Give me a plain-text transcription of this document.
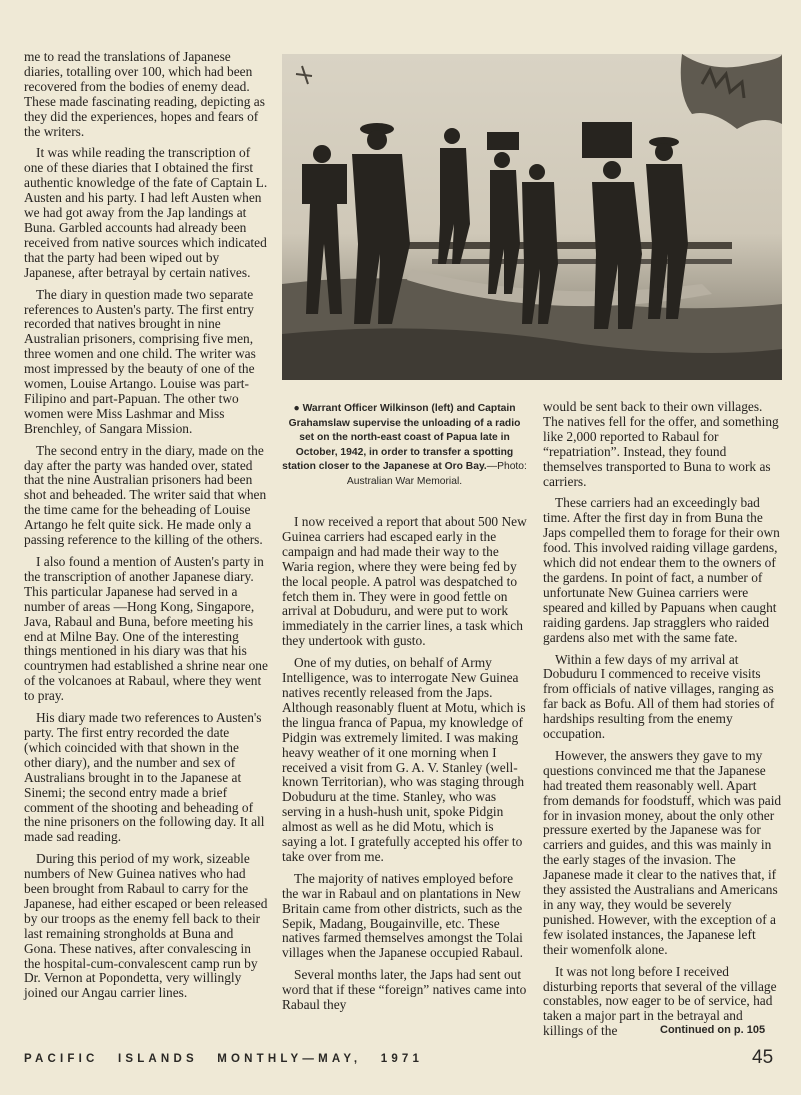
me to read the translations of Japanese diaries, totalling over 100, which had been recovered from the bodies of enemy dead. These made fascinating reading, depicting as they did the experiences, hopes and fears of the writers.

It was while reading the transcription of one of these diaries that I obtained the first authentic knowledge of the fate of Captain L. Austen and his party. I had left Austen when we had got away from the Jap landings at Buna. Garbled accounts had already been received from native sources which indicated that the party had been wiped out by Japanese, after betrayal by certain natives.

The diary in question made two separate references to Austen's party. The first entry recorded that natives brought in nine Australian prisoners, comprising five men, three women and one child. The writer was most impressed by the beauty of one of the women, Louise Artango. Louise was part-Filipino and part-Papuan. The other two women were Miss Lashmar and Miss Brenchley, of Sangara Mission.

The second entry in the diary, made on the day after the party was handed over, stated that the nine Australian prisoners had been shot and beheaded. The writer said that when the time came for the beheading of Louise Artango he felt quite sick. He made only a passing reference to the killing of the others.

I also found a mention of Austen's party in the transcription of another Japanese diary. This particular Japanese had served in a number of areas —Hong Kong, Singapore, Java, Rabaul and Buna, before meeting his end at Milne Bay. One of the interesting things mentioned in his diary was that his countrymen had established a shrine near one of the volcanoes at Rabaul, where they went to pray.

His diary made two references to Austen's party. The first entry recorded the date (which coincided with that shown in the other diary), and the number and sex of Australians brought in to the Japanese at Sinemi; the second entry made a brief comment of the shooting and beheading of the nine prisoners on the following day. It all made sad reading.

During this period of my work, sizeable numbers of New Guinea natives who had been brought from Rabaul to carry for the Japanese, had either escaped or been released by our troops as the enemy fell back to their last remaining strongholds at Buna and Gona. These natives, after convalescing in the hospital-cum-convalescent camp run by Dr. Vernon at Popondetta, very willingly joined our Angau carrier lines.

● Warrant Officer Wilkinson (left) and Captain Grahamslaw supervise the unloading of a radio set on the north-east coast of Papua late in October, 1942, in order to transfer a spotting station closer to the Japanese at Oro Bay.—Photo: Australian War Memorial.

I now received a report that about 500 New Guinea carriers had escaped early in the campaign and had made their way to the Waria region, where they were being fed by the local people. A patrol was despatched to fetch them in. They were in good fettle on arrival at Dobuduru, and were put to work immediately in the carrier lines, a task which they undertook with gusto.

One of my duties, on behalf of Army Intelligence, was to interrogate New Guinea natives recently released from the Japs. Although reasonably fluent at Motu, which is the lingua franca of Papua, my knowledge of Pidgin was extremely limited. I was making heavy weather of it one morning when I received a visit from G. A. V. Stanley (well-known Territorian), who was staging through Dobuduru at the time. Stanley, who was serving in a hush-hush unit, spoke Pidgin almost as well as he did Motu, which is saying a lot. I gratefully accepted his offer to take over from me.

The majority of natives employed before the war in Rabaul and on plantations in New Britain came from other districts, such as the Sepik, Madang, Bougainville, etc. These natives farmed themselves amongst the Tolai villages when the Japanese occupied Rabaul.

Several months later, the Japs had sent out word that if these “foreign” natives came into Rabaul they

would be sent back to their own villages. The natives fell for the offer, and something like 2,000 reported to Rabaul for “repatriation”. Instead, they found themselves transported to Buna to work as carriers.

These carriers had an exceedingly bad time. After the first day in from Buna the Japs compelled them to forage for their own food. This involved raiding village gardens, which did not endear them to the owners of the gardens. In point of fact, a number of unfortunate New Guinea carriers were speared and killed by Papuans when caught raiding gardens. Jap stragglers who raided gardens also met with the same fate.

Within a few days of my arrival at Dobuduru I commenced to receive visits from officials of native villages, ranging as far back as Bofu. All of them had stories of hardships resulting from the enemy occupation.

However, the answers they gave to my questions convinced me that the Japanese had treated them reasonably well. Apart from demands for foodstuff, which was paid for in invasion money, about the only other pressure exerted by the Japanese was for carriers and guides, and this was mainly in the early stages of the invasion. The Japanese made it clear to the natives that, if they assisted the Australians and Americans in any way, they would be severely punished. However, with the exception of a few isolated instances, the Japanese left their womenfolk alone.

It was not long before I received disturbing reports that several of the village constables, now eager to be of service, had taken a major part in the betrayal and killings of the	Continued on p. 105
PACIFIC ISLANDS MONTHLY—MAY, 1971	45
